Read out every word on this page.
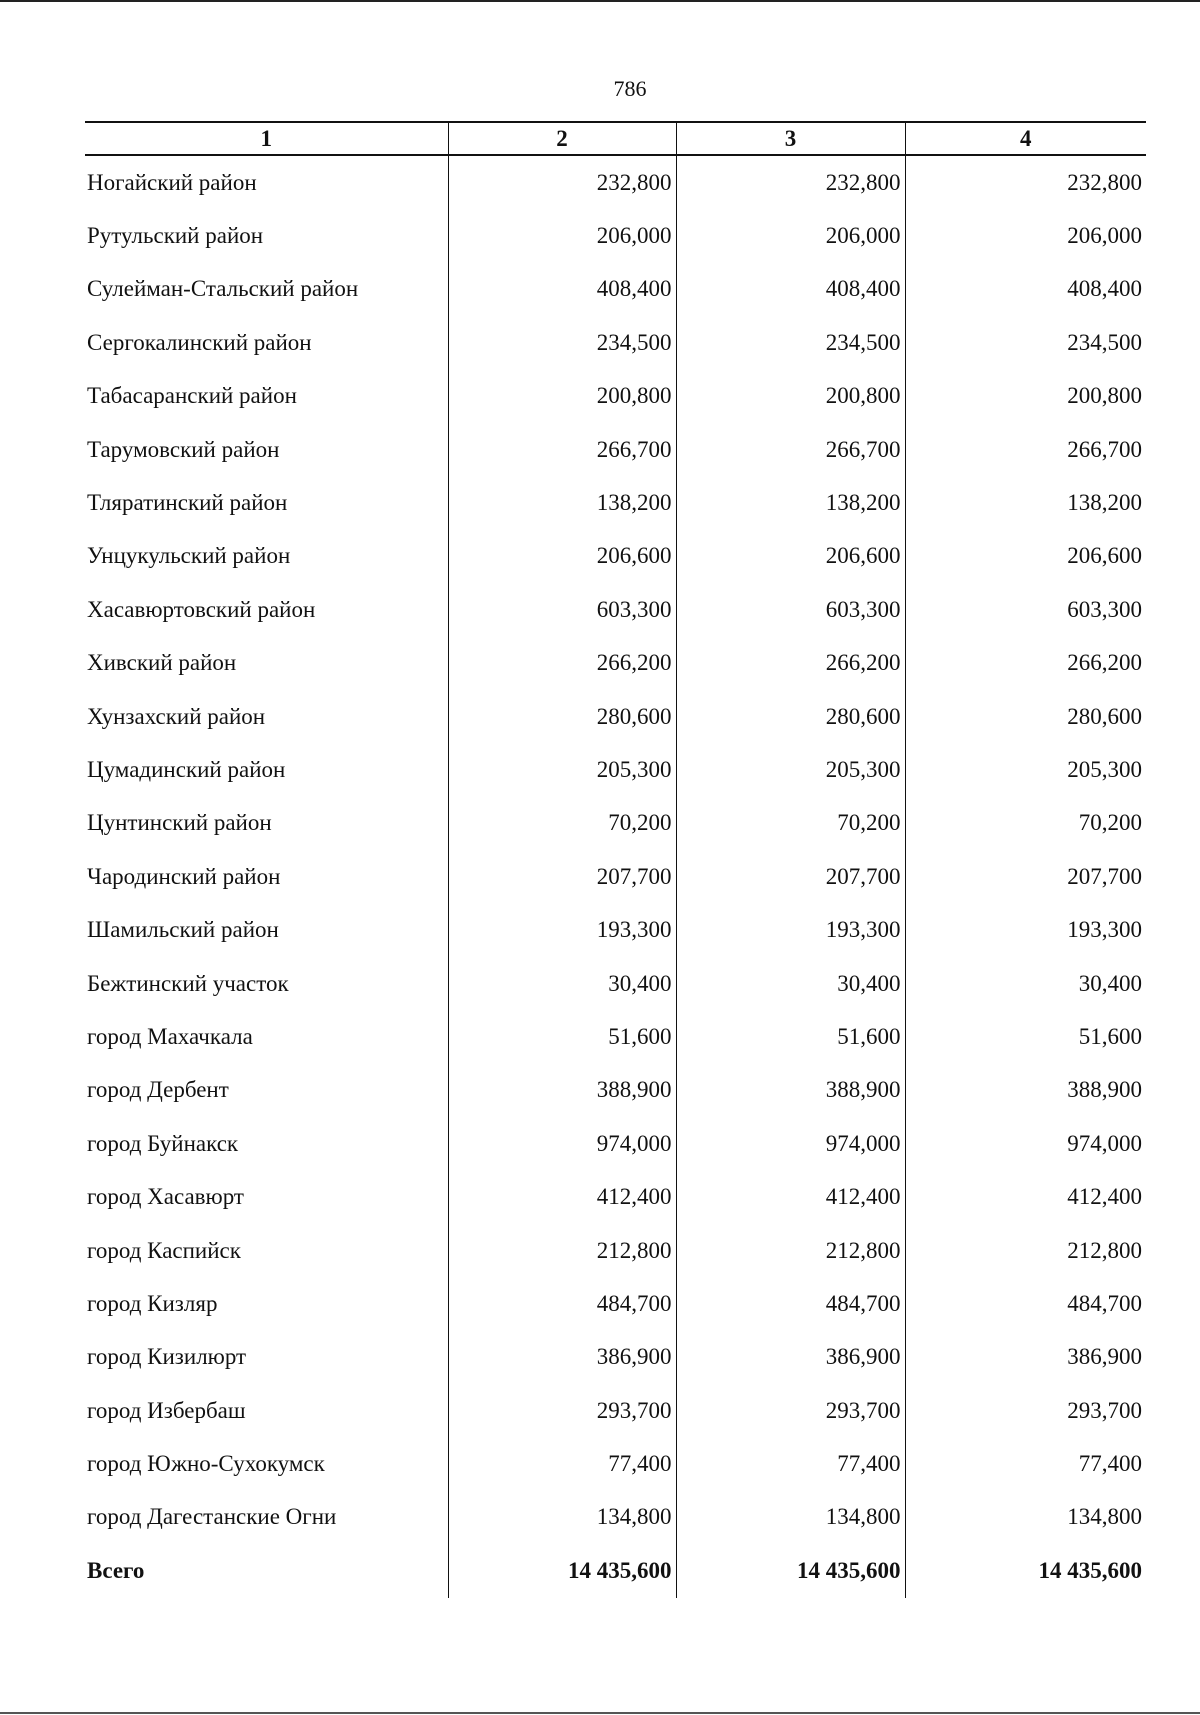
786
1	2	3	4
Ногайский район	232,800	232,800	232,800
Рутульский район	206,000	206,000	206,000
Сулейман-Стальский район	408,400	408,400	408,400
Сергокалинский район	234,500	234,500	234,500
Табасаранский район	200,800	200,800	200,800
Тарумовский район	266,700	266,700	266,700
Тляратинский район	138,200	138,200	138,200
Унцукульский район	206,600	206,600	206,600
Хасавюртовский район	603,300	603,300	603,300
Хивский район	266,200	266,200	266,200
Хунзахский район	280,600	280,600	280,600
Цумадинский район	205,300	205,300	205,300
Цунтинский район	70,200	70,200	70,200
Чародинский район	207,700	207,700	207,700
Шамильский район	193,300	193,300	193,300
Бежтинский участок	30,400	30,400	30,400
город Махачкала	51,600	51,600	51,600
город Дербент	388,900	388,900	388,900
город Буйнакск	974,000	974,000	974,000
город Хасавюрт	412,400	412,400	412,400
город Каспийск	212,800	212,800	212,800
город Кизляр	484,700	484,700	484,700
город Кизилюрт	386,900	386,900	386,900
город Избербаш	293,700	293,700	293,700
город Южно-Сухокумск	77,400	77,400	77,400
город Дагестанские Огни	134,800	134,800	134,800
Всего	14 435,600	14 435,600	14 435,600
